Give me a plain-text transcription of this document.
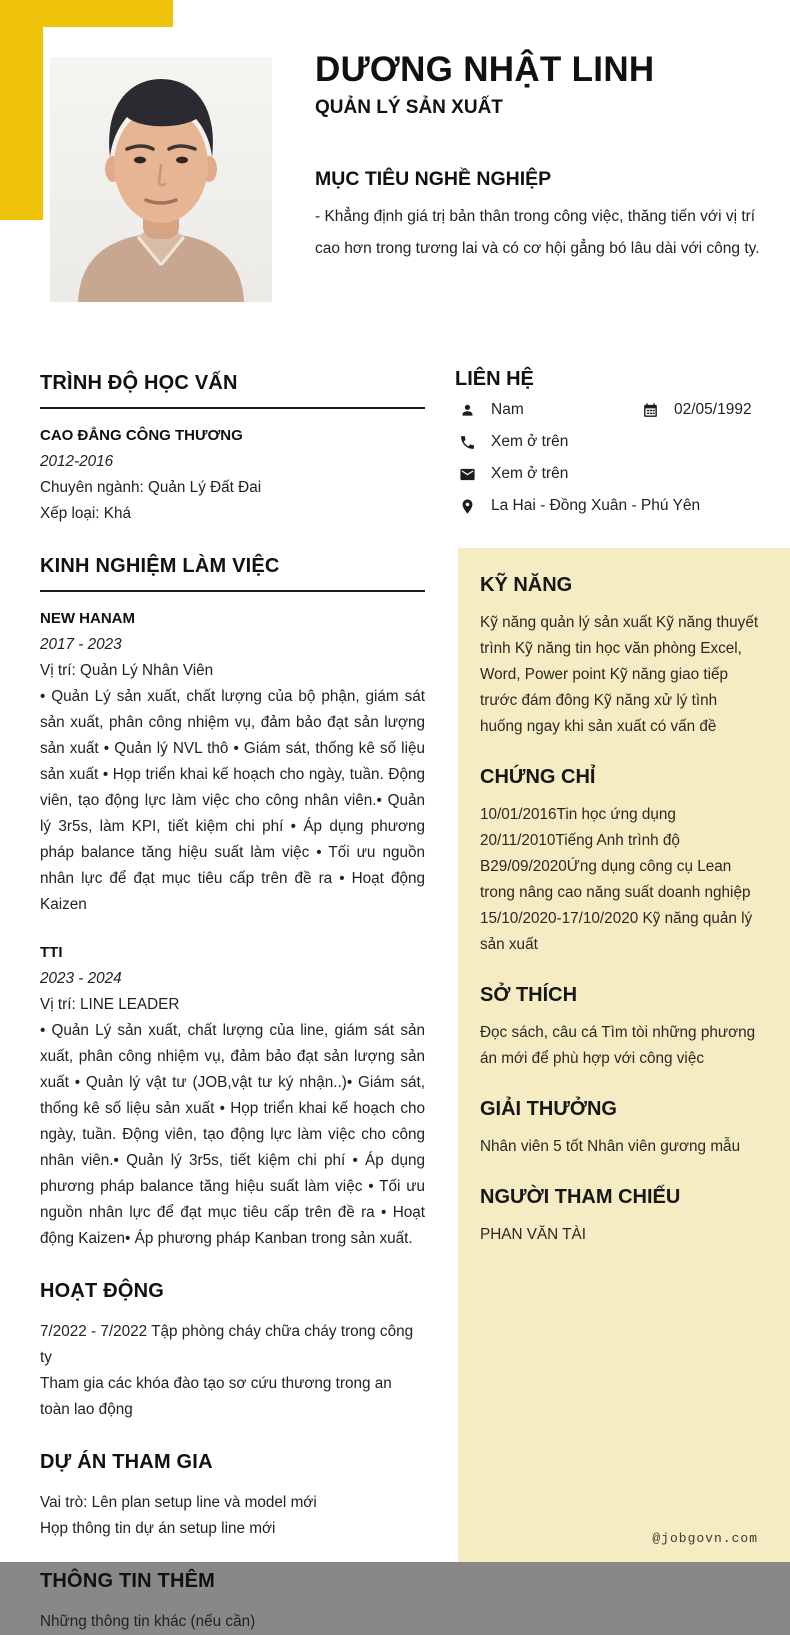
DƯƠNG NHẬT LINH
QUẢN LÝ SẢN XUẤT
MỤC TIÊU NGHỀ NGHIỆP

- Khẳng định giá trị bản thân trong công việc, thăng tiến với vị trí cao hơn trong tương lai và có cơ hội gẳng bó lâu dài với công ty.

TRÌNH ĐỘ HỌC VẤN
CAO ĐẲNG CÔNG THƯƠNG
2012-2016
Chuyên ngành: Quản Lý Đất Đai
Xếp loại: Khá
KINH NGHIỆM LÀM VIỆC
NEW HANAM
2017 - 2023
Vị trí: Quản Lý Nhân Viên

• Quản Lý sản xuất, chất lượng của bộ phận, giám sát sản xuất, phân công nhiệm vụ, đảm bảo đạt sản lượng sản xuất • Quản lý NVL thô • Giám sát, thống kê số liệu sản xuất • Họp triển khai kế hoạch cho ngày, tuần. Động viên, tạo động lực làm việc cho công nhân viên.• Quản lý 3r5s, làm KPI, tiết kiệm chi phí • Áp dụng phương pháp balance tăng hiệu suất làm việc • Tối ưu nguồn nhân lực để đạt mục tiêu cấp trên đề ra • Hoạt động Kaizen

TTI
2023 - 2024
Vị trí: LINE LEADER

• Quản Lý sản xuất, chất lượng của line, giám sát sản xuất, phân công nhiệm vụ, đảm bảo đạt sản lượng sản xuất • Quản lý vật tư (JOB,vật tư ký nhận..)• Giám sát, thống kê số liệu sản xuất • Họp triển khai kế hoạch cho ngày, tuần. Động viên, tạo động lực làm việc cho công nhân viên.• Quản lý 3r5s, tiết kiệm chi phí • Áp dụng phương pháp balance tăng hiệu suất làm việc • Tối ưu nguồn nhân lực để đạt mục tiêu cấp trên đề ra • Hoạt động Kaizen• Áp phương pháp Kanban trong sản xuất.

HOẠT ĐỘNG
7/2022 - 7/2022 Tập phòng cháy chữa cháy trong công ty
Tham gia các khóa đào tạo sơ cứu thương trong an toàn lao động
DỰ ÁN THAM GIA
Vai trò: Lên plan setup line và model mới
Họp thông tin dự án setup line mới
THÔNG TIN THÊM
Những thông tin khác (nếu cần)
LIÊN HỆ
Nam	02/05/1992
Xem ở trên
Xem ở trên
La Hai - Đồng Xuân - Phú Yên
KỸ NĂNG

Kỹ năng quản lý sản xuất Kỹ năng thuyết trình Kỹ năng tin học văn phòng Excel, Word, Power point Kỹ năng giao tiếp trước đám đông Kỹ năng xử lý tình huống ngay khi sản xuất có vấn đề

CHỨNG CHỈ

10/01/2016Tin học ứng dụng 20/11/2010Tiếng Anh trình độ B29/09/2020Ứng dụng công cụ Lean trong nâng cao năng suất doanh nghiệp 15/10/2020-17/10/2020 Kỹ năng quản lý sản xuất

SỞ THÍCH

Đọc sách, câu cá Tìm tòi những phương án mới để phù hợp với công việc

GIẢI THƯỞNG

Nhân viên 5 tốt Nhân viên gương mẫu

NGƯỜI THAM CHIẾU

PHAN VĂN TÀI

@jobgovn.com
